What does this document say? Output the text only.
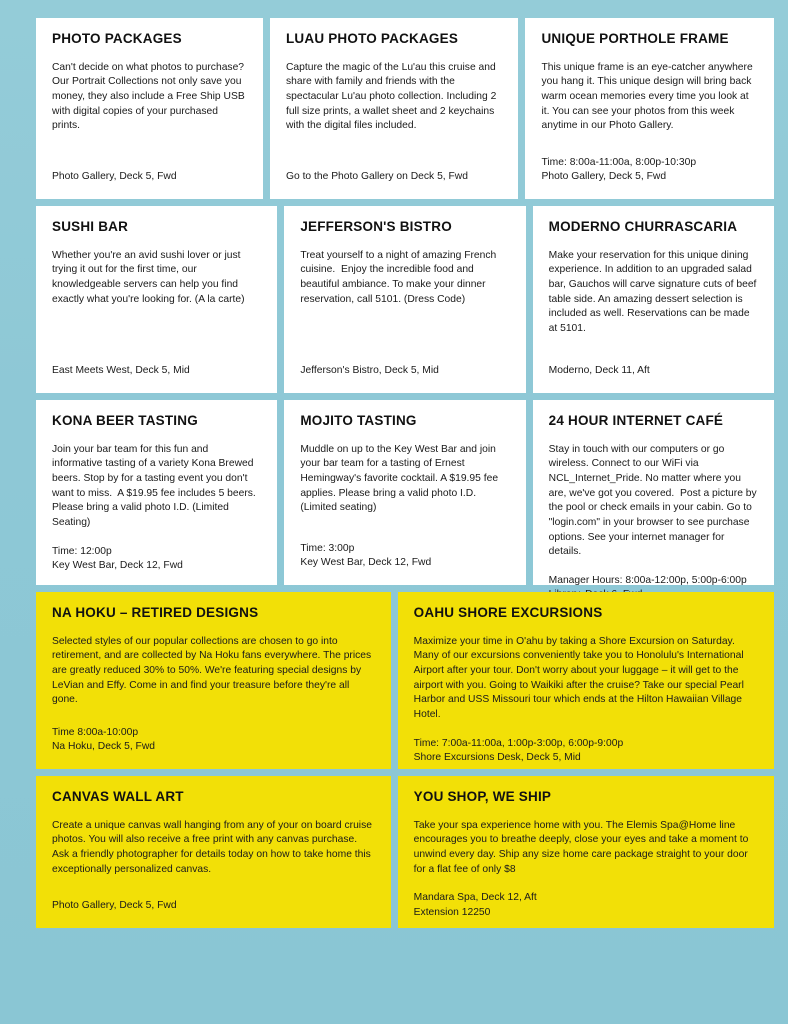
PHOTO PACKAGES
Can't decide on what photos to purchase? Our Portrait Collections not only save you money, they also include a Free Ship USB with digital copies of your purchased prints.
Photo Gallery, Deck 5, Fwd
LUAU PHOTO PACKAGES
Capture the magic of the Lu'au this cruise and share with family and friends with the spectacular Lu'au photo collection. Including 2 full size prints, a wallet sheet and 2 keychains with the digital files included.
Go to the Photo Gallery on Deck 5, Fwd
UNIQUE PORTHOLE FRAME
This unique frame is an eye-catcher anywhere you hang it. This unique design will bring back warm ocean memories every time you look at it. You can see your photos from this week anytime in our Photo Gallery.
Time: 8:00a-11:00a, 8:00p-10:30p
Photo Gallery, Deck 5, Fwd
SUSHI BAR
Whether you're an avid sushi lover or just trying it out for the first time, our knowledgeable servers can help you find exactly what you're looking for. (A la carte)
East Meets West, Deck 5, Mid
JEFFERSON'S BISTRO
Treat yourself to a night of amazing French cuisine.  Enjoy the incredible food and beautiful ambiance. To make your dinner reservation, call 5101. (Dress Code)
Jefferson's Bistro, Deck 5, Mid
MODERNO CHURRASCARIA
Make your reservation for this unique dining experience. In addition to an upgraded salad bar, Gauchos will carve signature cuts of beef table side. An amazing dessert selection is included as well. Reservations can be made at 5101.
Moderno, Deck 11, Aft
KONA BEER TASTING
Join your bar team for this fun and informative tasting of a variety Kona Brewed beers. Stop by for a tasting event you don't want to miss.  A $19.95 fee includes 5 beers. Please bring a valid photo I.D. (Limited Seating)
Time: 12:00p
Key West Bar, Deck 12, Fwd
MOJITO TASTING
Muddle on up to the Key West Bar and join your bar team for a tasting of Ernest Hemingway's favorite cocktail. A $19.95 fee applies. Please bring a valid photo I.D.  (Limited seating)
Time: 3:00p
Key West Bar, Deck 12, Fwd
24 HOUR INTERNET CAFÉ
Stay in touch with our computers or go wireless. Connect to our WiFi via NCL_Internet_Pride. No matter where you are, we've got you covered.  Post a picture by the pool or check emails in your cabin. Go to "login.com" in your browser to see purchase options. See your internet manager for details.
Manager Hours: 8:00a-12:00p, 5:00p-6:00p

NA HOKU – RETIRED DESIGNS
Selected styles of our popular collections are chosen to go into retirement, and are collected by Na Hoku fans everywhere. The prices are greatly reduced 30% to 50%. We're featuring special designs by LeVian and Effy. Come in and find your treasure before they're all gone.
Time 8:00a-10:00p
Na Hoku, Deck 5, Fwd
OAHU SHORE EXCURSIONS
Maximize your time in O'ahu by taking a Shore Excursion on Saturday. Many of our excursions conveniently take you to Honolulu's International Airport after your tour. Don't worry about your luggage – it will get to the airport with you. Going to Waikiki after the cruise? Take our special Pearl Harbor and USS Missouri tour which ends at the Hilton Hawaiian Village Hotel.
Time: 7:00a-11:00a, 1:00p-3:00p, 6:00p-9:00p
Shore Excursions Desk, Deck 5, Mid
CANVAS WALL ART
Create a unique canvas wall hanging from any of your on board cruise photos. You will also receive a free print with any canvas purchase. Ask a friendly photographer for details today on how to take home this exceptionally personalized canvas.
Photo Gallery, Deck 5, Fwd
YOU SHOP, WE SHIP
Take your spa experience home with you. The Elemis Spa@Home line encourages you to breathe deeply, close your eyes and take a moment to unwind every day. Ship any size home care package straight to your door for a flat fee of only $8
Mandara Spa, Deck 12, Aft
Extension 12250
